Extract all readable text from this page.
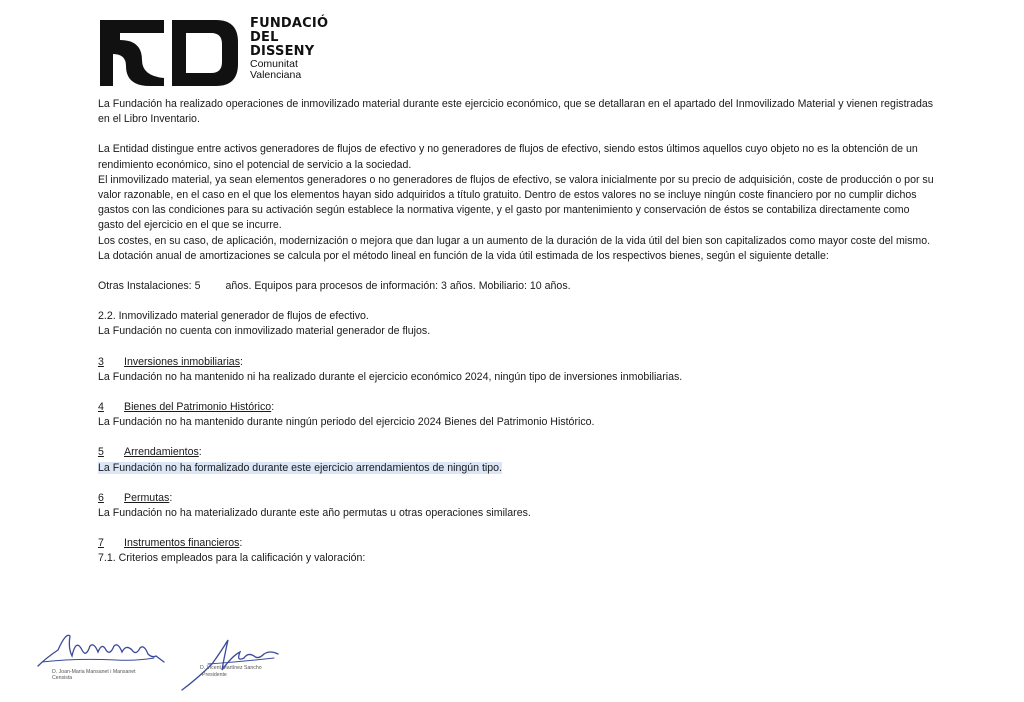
FUNDACIÓ
DEL
DISSENY
Comunitat
Valenciana

La Fundación ha realizado operaciones de inmovilizado material durante este ejercicio económico, que se detallaran en el apartado del Inmovilizado Material y vienen registradas en el Libro Inventario.

La Entidad distingue entre activos generadores de flujos de efectivo y no generadores de flujos de efectivo, siendo estos últimos aquellos cuyo objeto no es la obtención de un rendimiento económico, sino el potencial de servicio a la sociedad.

El inmovilizado material, ya sean elementos generadores o no generadores de flujos de efectivo, se valora inicialmente por su precio de adquisición, coste de producción o por su valor razonable, en el caso en el que los elementos hayan sido adquiridos a título gratuito. Dentro de estos valores no se incluye ningún coste financiero por no cumplir dichos gastos con las condiciones para su activación según establece la normativa vigente, y el gasto por mantenimiento y conservación de éstos se contabiliza directamente como gasto del ejercicio en el que se incurre.

Los costes, en su caso, de aplicación, modernización o mejora que dan lugar a un aumento de la duración de la vida útil del bien son capitalizados como mayor coste del mismo.

La dotación anual de amortizaciones se calcula por el método lineal en función de la vida útil estimada de los respectivos bienes, según el siguiente detalle:

Otras Instalaciones: 5 años. Equipos para procesos de información: 3 años. Mobiliario: 10 años.

2.2. Inmovilizado material generador de flujos de efectivo.

La Fundación no cuenta con inmovilizado material generador de flujos.

3	Inversiones inmobiliarias:

La Fundación no ha mantenido ni ha realizado durante el ejercicio económico 2024, ningún tipo de inversiones inmobiliarias.

4	Bienes del Patrimonio Histórico:

La Fundación no ha mantenido durante ningún periodo del ejercicio 2024 Bienes del Patrimonio Histórico.

5	Arrendamientos:

La Fundación no ha formalizado durante este ejercicio arrendamientos de ningún tipo.

6	Permutas:

La Fundación no ha materializado durante este año permutas u otras operaciones similares.

7	Instrumentos financieros:

7.1. Criterios empleados para la calificación y valoración:

D. Joan-Maria Mansanet i Mansanet
Censista
D. Vicent Martínez Sancho
Presidente
